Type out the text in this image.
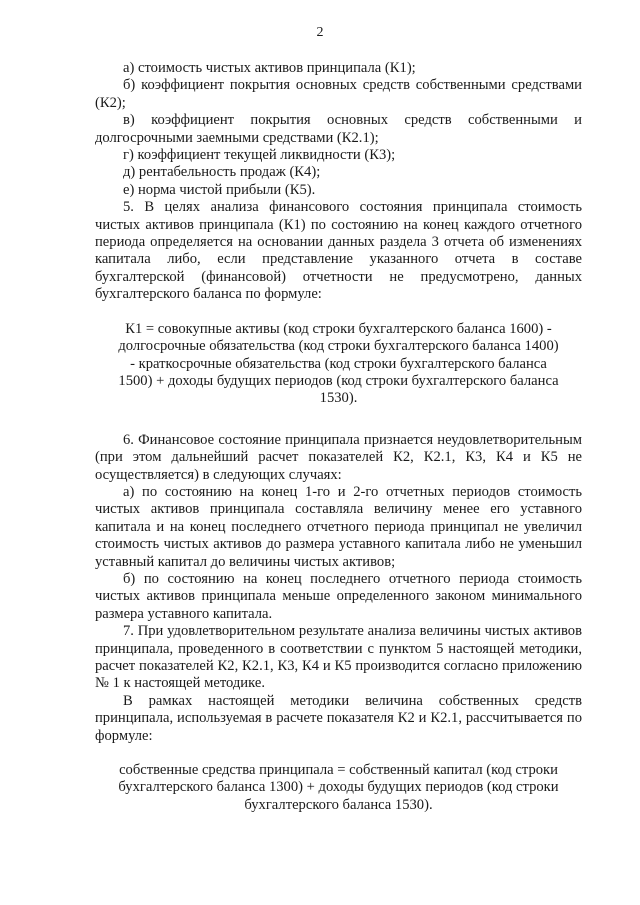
2

а) стоимость чистых активов принципала (К1);

б) коэффициент покрытия основных средств собственными средствами (К2);

в) коэффициент покрытия основных средств собственными и долгосрочными заемными средствами (К2.1);

г) коэффициент текущей ликвидности (К3);

д) рентабельность продаж (К4);

е) норма чистой прибыли (К5).

5. В целях анализа финансового состояния принципала стоимость чистых активов принципала (К1) по состоянию на конец каждого отчетного периода определяется на основании данных раздела 3 отчета об изменениях капитала либо, если представление указанного отчета в составе бухгалтерской (финансовой) отчетности не предусмотрено, данных бухгалтерского баланса по формуле:

К1 = совокупные активы (код строки бухгалтерского баланса 1600) - долгосрочные обязательства (код строки бухгалтерского баланса 1400) - краткосрочные обязательства (код строки бухгалтерского баланса 1500) + доходы будущих периодов (код строки бухгалтерского баланса 1530).

6. Финансовое состояние принципала признается неудовлетворительным (при этом дальнейший расчет показателей К2, К2.1, К3, К4 и К5 не осуществляется) в следующих случаях:

а) по состоянию на конец 1-го и 2-го отчетных периодов стоимость чистых активов принципала составляла величину менее его уставного капитала и на конец последнего отчетного периода принципал не увеличил стоимость чистых активов до размера уставного капитала либо не уменьшил уставный капитал до величины чистых активов;

б) по состоянию на конец последнего отчетного периода стоимость чистых активов принципала меньше определенного законом минимального размера уставного капитала.

7. При удовлетворительном результате анализа величины чистых активов принципала, проведенного в соответствии с пунктом 5 настоящей методики, расчет показателей К2, К2.1, К3, К4 и К5 производится согласно приложению № 1 к настоящей методике.

В рамках настоящей методики величина собственных средств принципала, используемая в расчете показателя К2 и К2.1, рассчитывается по формуле:

собственные средства принципала = собственный капитал (код строки бухгалтерского баланса 1300) + доходы будущих периодов (код строки бухгалтерского баланса 1530).
